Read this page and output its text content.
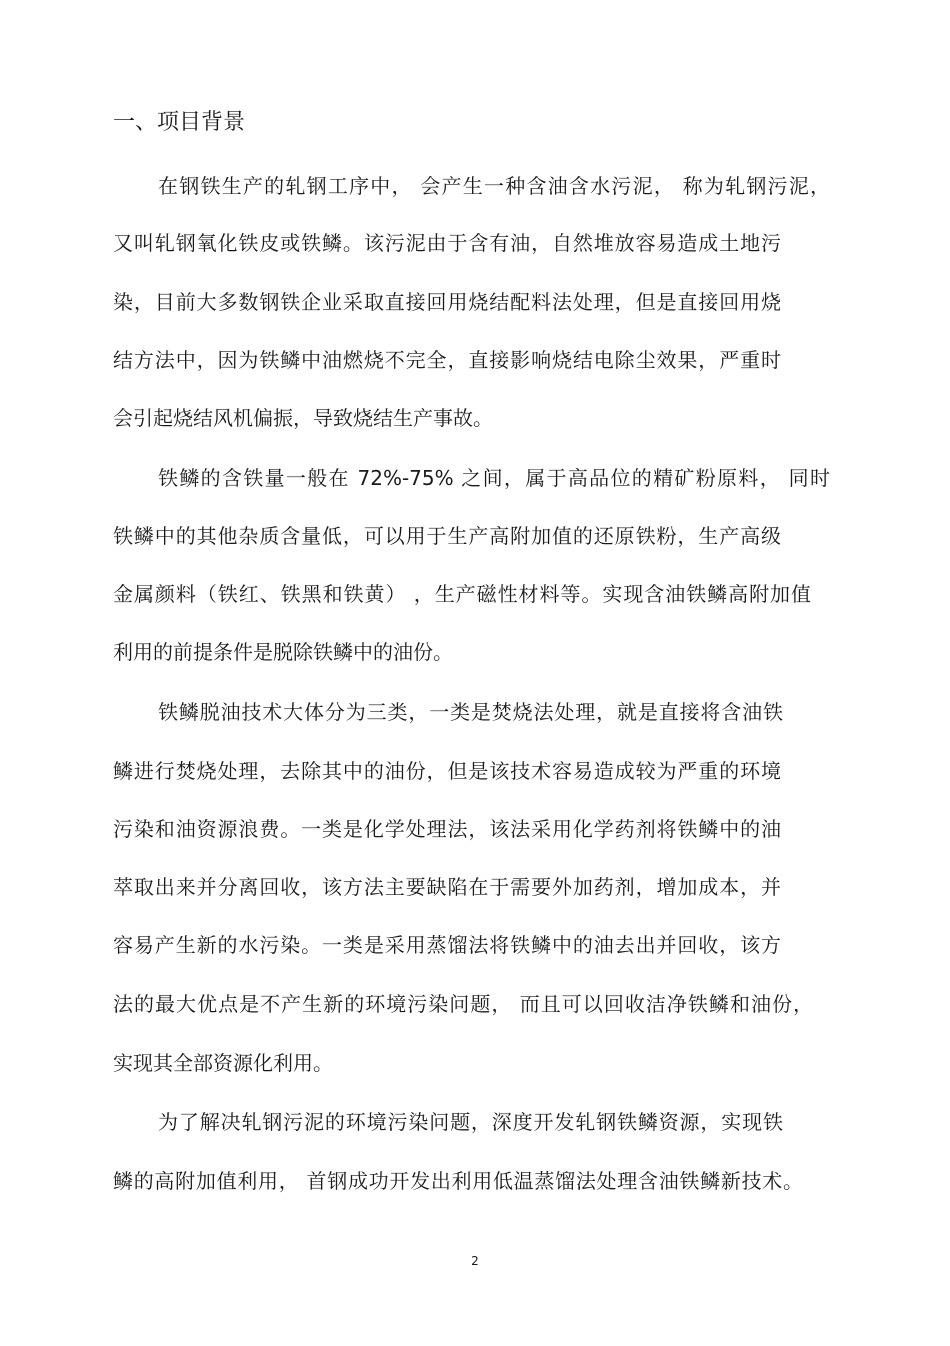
一、项目背景
在钢铁生产的轧钢工序中， 会产生一种含油含水污泥， 称为轧钢污泥，
又叫轧钢氧化铁皮或铁鳞。该污泥由于含有油，自然堆放容易造成土地污
染，目前大多数钢铁企业采取直接回用烧结配料法处理，但是直接回用烧
结方法中，因为铁鳞中油燃烧不完全，直接影响烧结电除尘效果，严重时
会引起烧结风机偏振，导致烧结生产事故。
铁鳞的含铁量一般在 72%-75% 之间，属于高品位的精矿粉原料， 同时
铁鳞中的其他杂质含量低，可以用于生产高附加值的还原铁粉，生产高级
金属颜料（铁红、铁黑和铁黄） ，生产磁性材料等。实现含油铁鳞高附加值
利用的前提条件是脱除铁鳞中的油份。
铁鳞脱油技术大体分为三类，一类是焚烧法处理，就是直接将含油铁
鳞进行焚烧处理，去除其中的油份，但是该技术容易造成较为严重的环境
污染和油资源浪费。一类是化学处理法，该法采用化学药剂将铁鳞中的油
萃取出来并分离回收，该方法主要缺陷在于需要外加药剂，增加成本，并
容易产生新的水污染。一类是采用蒸馏法将铁鳞中的油去出并回收，该方
法的最大优点是不产生新的环境污染问题， 而且可以回收洁净铁鳞和油份，
实现其全部资源化利用。
为了解决轧钢污泥的环境污染问题，深度开发轧钢铁鳞资源，实现铁
鳞的高附加值利用， 首钢成功开发出利用低温蒸馏法处理含油铁鳞新技术。
2
